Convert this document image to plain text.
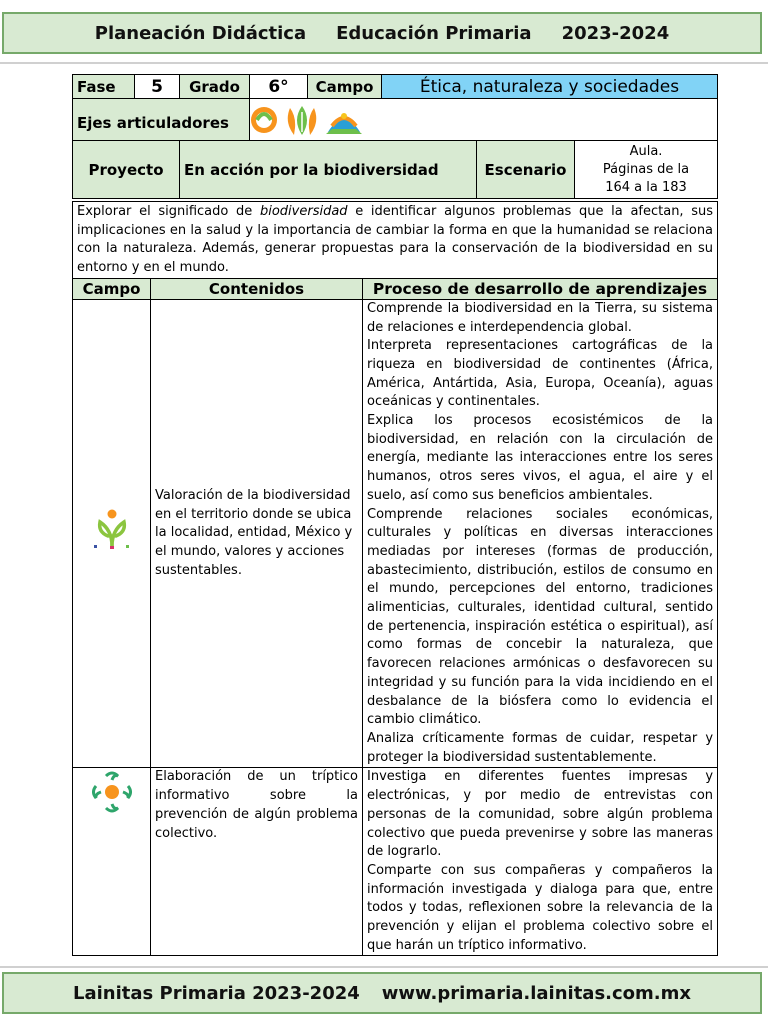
Planeación Didáctica Educación Primaria 2023-2024
Fase	5	Grado	6°	Campo	Ética, naturaleza y sociedades		
Ejes articuladores	

Proyecto		En acción por la biodiversidad				Escenario	Aula.
Páginas de la
164 a la 183
Explorar el significado de biodiversidad e identificar algunos problemas que la afectan, sus implicaciones en la salud y la importancia de cambiar la forma en que la humanidad se relaciona con la naturaleza. Además, generar propuestas para la conservación de la biodiversidad en su entorno y en el mundo.		
Campo	Contenidos	Proceso de desarrollo de aprendizajes
	Valoración de la biodiversidad en el territorio donde se ubica la localidad, entidad, México y el mundo, valores y acciones sustentables.	Comprende la biodiversidad en la Tierra, su sistema de relaciones e interdependencia global.

Interpreta representaciones cartográficas de la riqueza en biodiversidad de continentes (África, América, Antártida, Asia, Europa, Oceanía), aguas oceánicas y continentales.

Explica los procesos ecosistémicos de la biodiversidad, en relación con la circulación de energía, mediante las interacciones entre los seres humanos, otros seres vivos, el agua, el aire y el suelo, así como sus beneficios ambientales.

Comprende relaciones sociales económicas, culturales y políticas en diversas interacciones mediadas por intereses (formas de producción, abastecimiento, distribución, estilos de consumo en el mundo, percepciones del entorno, tradiciones alimenticias, culturales, identidad cultural, sentido de pertenencia, inspiración estética o espiritual), así como formas de concebir la naturaleza, que favorecen relaciones armónicas o desfavorecen su integridad y su función para la vida incidiendo en el desbalance de la biósfera como lo evidencia el cambio climático.

Analiza críticamente formas de cuidar, respetar y proteger la biodiversidad sustentablemente.

	Elaboración de un tríptico informativo sobre la prevención de algún problema colectivo.	Investiga en diferentes fuentes impresas y electrónicas, y por medio de entrevistas con personas de la comunidad, sobre algún problema colectivo que pueda prevenirse y sobre las maneras de lograrlo.

Comparte con sus compañeras y compañeros la información investigada y dialoga para que, entre todos y todas, reflexionen sobre la relevancia de la prevención y elijan el problema colectivo sobre el que harán un tríptico informativo.

Lainitas Primaria 2023-2024 www.primaria.lainitas.com.mx
